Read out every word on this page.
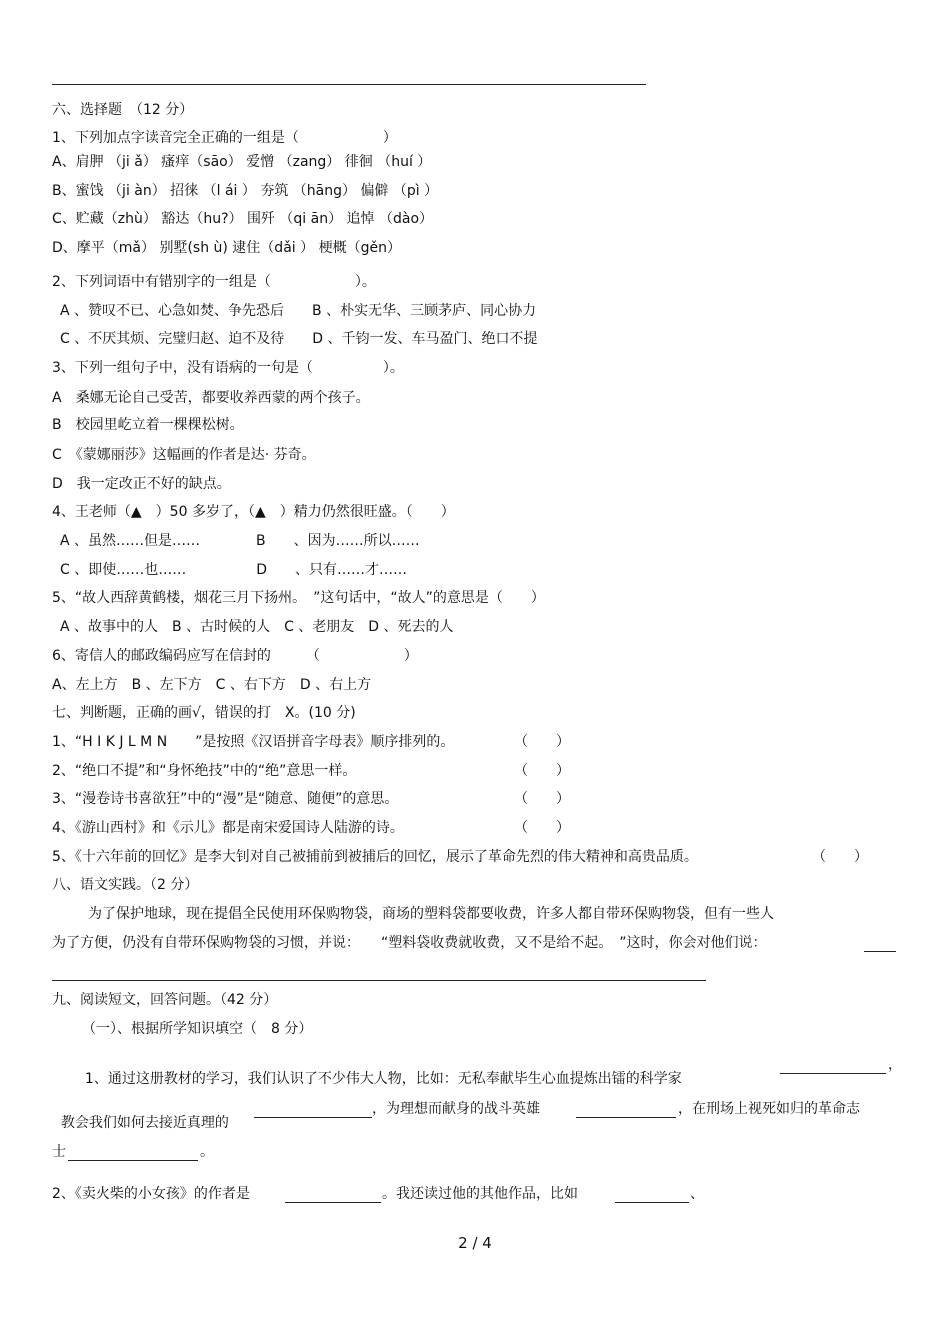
六、选择题　（12 分）
1、下列加点字读音完全正确的一组是（　　　　　　）
A、肩胛 （ji ǎ） 瘙痒（sāo） 爱憎 （zang） 徘徊 （huí ）
B、蜜饯 （ji àn） 招徕 （l ái ） 夯筑 （hāng） 偏僻 （pì ）
C、贮藏（zhù） 豁达（hu?） 围歼 （qi ān） 追悼 （dào）
D、摩平（mǎ） 别墅(sh ù) 逮住（dǎi ） 梗概（gěn）
2、下列词语中有错别字的一组是（　　　　　　）。
A 、赞叹不已、心急如焚、争先恐后　　B 、朴实无华、三顾茅庐、同心协力
C 、不厌其烦、完璧归赵、迫不及待　　D 、千钧一发、车马盈门、绝口不提
3、下列一组句子中，没有语病的一句是（　　　　　）。
A　桑娜无论自己受苦，都要收养西蒙的两个孩子。
B　校园里屹立着一棵棵松树。
C　《蒙娜丽莎》这幅画的作者是达· 芬奇。
D　我一定改正不好的缺点。
4、王老师（▲　）50 多岁了，（▲　）精力仍然很旺盛。（　　）
A 、虽然……但是……　　　　B　　、因为……所以……
C 、即使……也……　　　　　D　　、只有……才……
5、“故人西辞黄鹤楼，烟花三月下扬州。　”这句话中，“故人”的意思是（　　）
A 、故事中的人　B 、古时候的人　C 、老朋友　D 、死去的人
6、寄信人的邮政编码应写在信封的　　　（　　　　　　）
A、左上方　B 、左下方　C 、右下方　D 、右上方
七、判断题，正确的画√，错误的打　X。(10 分)
1、“H I K J L M N　　”是按照《汉语拼音字母表》顺序排列的。	（　　）
2、“绝口不提”和“身怀绝技”中的“绝”意思一样。	（　　）
3、“漫卷诗书喜欲狂”中的“漫”是“随意、随便”的意思。	（　　）
4、《游山西村》和《示儿》都是南宋爱国诗人陆游的诗。	（　　）
5、《十六年前的回忆》是李大钊对自己被捕前到被捕后的回忆，展示了革命先烈的伟大精神和高贵品质。	（　　）
八、语文实践。（2 分）
为了保护地球，现在提倡全民使用环保购物袋，商场的塑料袋都要收费，许多人都自带环保购物袋，但有一些人
为了方便，仍没有自带环保购物袋的习惯，并说：　　“塑料袋收费就收费，又不是给不起。　”这时，你会对他们说：
九、阅读短文，回答问题。（42 分）
（一）、根据所学知识填空（　8 分）

1、通过这册教材的学习，我们认识了不少伟大人物，比如：无私奉献毕生心血提炼出镭的科学家

，

教会我们如何去接近真理的

，为理想而献身的战斗英雄	，在刑场上视死如归的革命志
士	。
2、《卖火柴的小女孩》的作者是	。我还读过他的其他作品，比如	、
2 / 4
